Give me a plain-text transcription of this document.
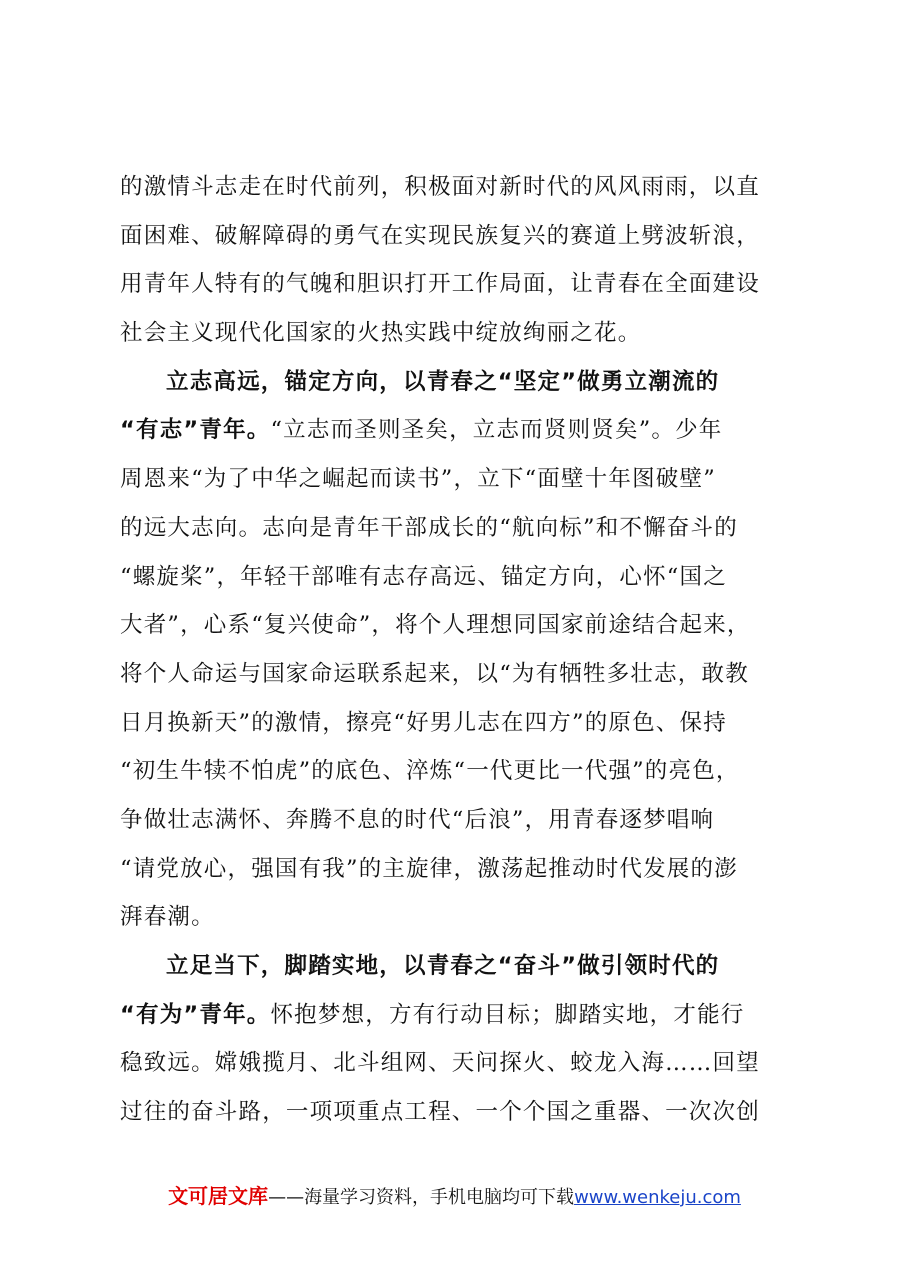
的激情斗志走在时代前列，积极面对新时代的风风雨雨，以直
面困难、破解障碍的勇气在实现民族复兴的赛道上劈波斩浪，
用青年人特有的气魄和胆识打开工作局面，让青春在全面建设
社会主义现代化国家的火热实践中绽放绚丽之花。
立志高远，锚定方向，以青春之“坚定”做勇立潮流的
“有志”青年。“立志而圣则圣矣，立志而贤则贤矣”。少年
周恩来“为了中华之崛起而读书”，立下“面壁十年图破壁”
的远大志向。志向是青年干部成长的“航向标”和不懈奋斗的
“螺旋桨”，年轻干部唯有志存高远、锚定方向，心怀“国之
大者”，心系“复兴使命”，将个人理想同国家前途结合起来，
将个人命运与国家命运联系起来，以“为有牺牲多壮志，敢教
日月换新天”的激情，擦亮“好男儿志在四方”的原色、保持
“初生牛犊不怕虎”的底色、淬炼“一代更比一代强”的亮色，
争做壮志满怀、奔腾不息的时代“后浪”，用青春逐梦唱响
“请党放心，强国有我”的主旋律，激荡起推动时代发展的澎
湃春潮。
立足当下，脚踏实地，以青春之“奋斗”做引领时代的
“有为”青年。怀抱梦想，方有行动目标；脚踏实地，才能行
稳致远。嫦娥揽月、北斗组网、天问探火、蛟龙入海……回望
过往的奋斗路，一项项重点工程、一个个国之重器、一次次创
文可居文库——海量学习资料，手机电脑均可下载www.wenkeju.com
